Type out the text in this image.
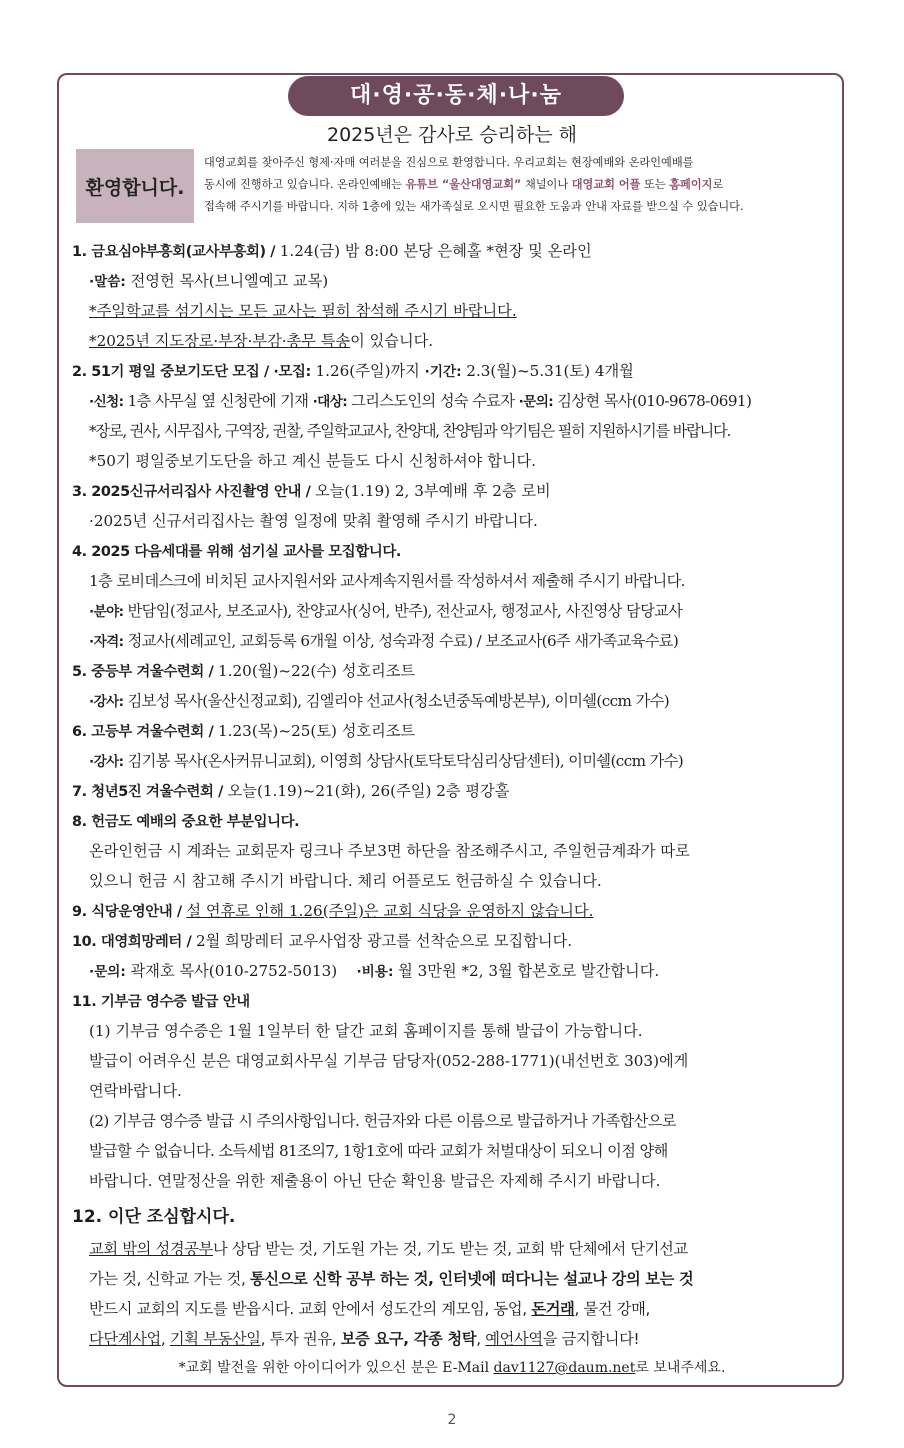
대·영·공·동·체·나·눔
2025년은 감사로 승리하는 해
환영합니다.
대영교회를 찾아주신 형제·자매 여러분을 진심으로 환영합니다. 우리교회는 현장예배와 온라인예배를
동시에 진행하고 있습니다. 온라인예배는 유튜브 “울산대영교회” 채널이나 대영교회 어플 또는 홈페이지로
접속해 주시기를 바랍니다. 지하 1층에 있는 새가족실로 오시면 필요한 도움과 안내 자료를 받으실 수 있습니다.
1. 금요심야부흥회(교사부흥회) / 1.24(금) 밤 8:00 본당 은혜홀 *현장 및 온라인
·말씀: 전영헌 목사(브니엘예고 교목)
*주일학교를 섬기시는 모든 교사는 필히 참석해 주시기 바랍니다.
*2025년 지도장로·부장·부감·총무 특송이 있습니다.
2. 51기 평일 중보기도단 모집 / ·모집: 1.26(주일)까지 ·기간: 2.3(월)~5.31(토) 4개월
·신청: 1층 사무실 옆 신청란에 기재 ·대상: 그리스도인의 성숙 수료자 ·문의: 김상현 목사(010-9678-0691)
*장로, 권사, 시무집사, 구역장, 권찰, 주일학교교사, 찬양대, 찬양팀과 악기팀은 필히 지원하시기를 바랍니다.
*50기 평일중보기도단을 하고 계신 분들도 다시 신청하셔야 합니다.
3. 2025신규서리집사 사진촬영 안내 / 오늘(1.19) 2, 3부예배 후 2층 로비
·2025년 신규서리집사는 촬영 일정에 맞춰 촬영해 주시기 바랍니다.
4. 2025 다음세대를 위해 섬기실 교사를 모집합니다.
1층 로비데스크에 비치된 교사지원서와 교사계속지원서를 작성하셔서 제출해 주시기 바랍니다.
·분야: 반담임(정교사, 보조교사), 찬양교사(싱어, 반주), 전산교사, 행정교사, 사진영상 담당교사
·자격: 정교사(세례교인, 교회등록 6개월 이상, 성숙과정 수료) / 보조교사(6주 새가족교육수료)
5. 중등부 겨울수련회 / 1.20(월)~22(수) 성호리조트
·강사: 김보성 목사(울산신정교회), 김엘리야 선교사(청소년중독예방본부), 이미쉘(ccm 가수)
6. 고등부 겨울수련회 / 1.23(목)~25(토) 성호리조트
·강사: 김기봉 목사(온사커뮤니교회), 이영희 상담사(토닥토닥심리상담센터), 이미쉘(ccm 가수)
7. 청년5진 겨울수련회 / 오늘(1.19)~21(화), 26(주일) 2층 평강홀
8. 헌금도 예배의 중요한 부분입니다.
온라인헌금 시 계좌는 교회문자 링크나 주보3면 하단을 참조해주시고, 주일헌금계좌가 따로
있으니 헌금 시 참고해 주시기 바랍니다. 체리 어플로도 헌금하실 수 있습니다.
9. 식당운영안내 / 설 연휴로 인해 1.26(주일)은 교회 식당을 운영하지 않습니다.
10. 대영희망레터 / 2월 희망레터 교우사업장 광고를 선착순으로 모집합니다.
·문의: 곽재호 목사(010-2752-5013) ·비용: 월 3만원 *2, 3월 합본호로 발간합니다.
11. 기부금 영수증 발급 안내
(1) 기부금 영수증은 1월 1일부터 한 달간 교회 홈페이지를 통해 발급이 가능합니다.
발급이 어려우신 분은 대영교회사무실 기부금 담당자(052-288-1771)(내선번호 303)에게
연락바랍니다.
(2) 기부금 영수증 발급 시 주의사항입니다. 헌금자와 다른 이름으로 발급하거나 가족합산으로
발급할 수 없습니다. 소득세법 81조의7, 1항1호에 따라 교회가 처벌대상이 되오니 이점 양해
바랍니다. 연말정산을 위한 제출용이 아닌 단순 확인용 발급은 자제해 주시기 바랍니다.
12. 이단 조심합시다.
교회 밖의 성경공부나 상담 받는 것, 기도원 가는 것, 기도 받는 것, 교회 밖 단체에서 단기선교
가는 것, 신학교 가는 것, 통신으로 신학 공부 하는 것, 인터넷에 떠다니는 설교나 강의 보는 것
반드시 교회의 지도를 받읍시다. 교회 안에서 성도간의 계모임, 동업, 돈거래, 물건 강매,
다단계사업, 기획 부동산일, 투자 권유, 보증 요구, 각종 청탁, 예언사역을 금지합니다!
*교회 발전을 위한 아이디어가 있으신 분은 E-Mail dav1127@daum.net로 보내주세요.
2
